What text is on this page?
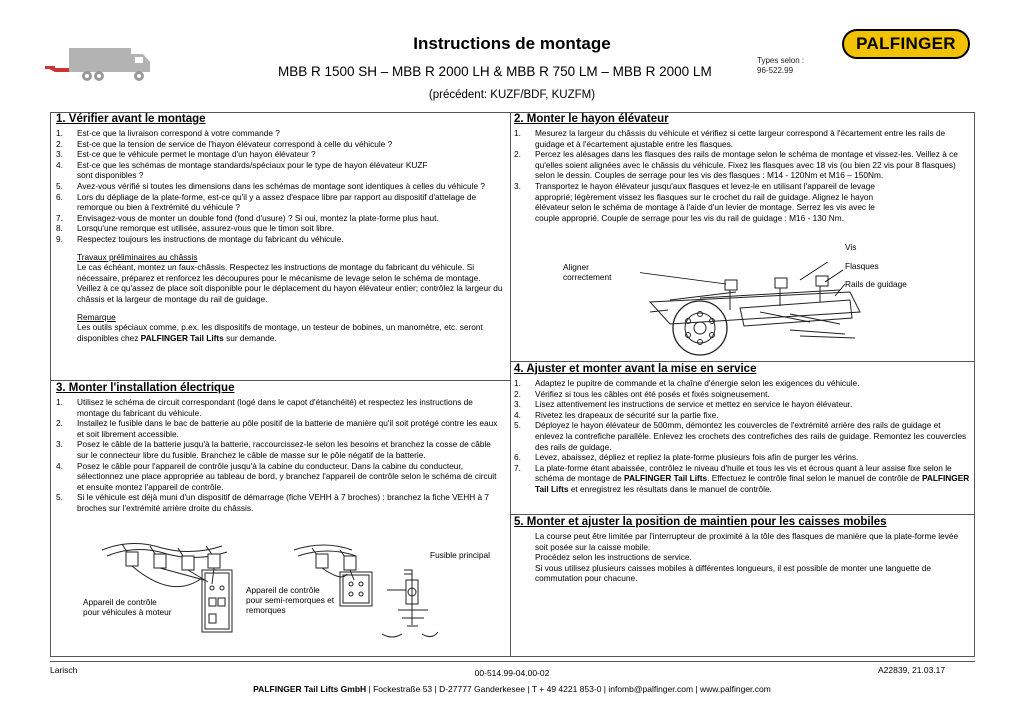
Instructions de montage
MBB R 1500 SH – MBB R 2000 LH & MBB R 750 LM – MBB R 2000 LM
Types selon :
96-522.99
(précédent: KUZF/BDF, KUZFM)
PALFINGER
1. Vérifier avant le montage
1.	Est-ce que la livraison correspond à votre commande ?
2.	Est-ce que la tension de service de l'hayon élévateur correspond à celle du véhicule ?
3.	Est-ce que le véhicule permet le montage d'un hayon élévateur ?
4.	Est-ce que les schémas de montage standards/spéciaux pour le type de hayon élévateur KUZF sont disponibles ?
5.	Avez-vous vérifié si toutes les dimensions dans les schémas de montage sont identiques à celles du véhicule ?
6.	Lors du dépliage de la plate-forme, est-ce qu'il y a assez d'espace libre par rapport au dispositif d'attelage de remorque ou bien à l'extrémité du véhicule ?
7.	Envisagez-vous de monter un double fond (fond d'usure) ? Si oui, montez la plate-forme plus haut.
8.	Lorsqu'une remorque est utilisée, assurez-vous que le timon soit libre.
9.	Respectez toujours les instructions de montage du fabricant du véhicule.

Travaux préliminaires au châssis

Le cas échéant, montez un faux-châssis. Respectez les instructions de montage du fabricant du véhicule. Si nécessaire, préparez et renforcez les découpures pour le mécanisme de levage selon le schéma de montage. Veillez à ce qu'assez de place soit disponible pour le déplacement du hayon élévateur entier; contrôlez la largeur du châssis et la largeur de montage du rail de guidage.

Remarque

Les outils spéciaux comme, p.ex. les dispositifs de montage, un testeur de bobines, un manomètre, etc. seront disponibles chez PALFINGER Tail Lifts sur demande.

2. Monter le hayon élévateur
1.	Mesurez la largeur du châssis du véhicule et vérifiez si cette largeur correspond à l'écartement entre les rails de guidage et à l'écartement ajustable entre les flasques.
2.	Percez les alésages dans les flasques des rails de montage selon le schéma de montage et vissez-les. Veillez à ce qu'elles soient alignées avec le châssis du véhicule. Fixez les flasques avec 18 vis (ou bien 22 vis pour 8 flasques) selon le dessin. Couples de serrage pour les vis des flasques : M14 - 120Nm et M16 – 150Nm.
3.	Transportez le hayon élévateur jusqu'aux flasques et levez-le en utilisant l'appareil de levage approprié; légèrement vissez les flasques sur le crochet du rail de guidage. Alignez le hayon élévateur selon le schéma de montage à l'aide d'un levier de montage. Serrez les vis avec le couple approprié. Couple de serrage pour les vis du rail de guidage : M16 - 130 Nm.
Aligner correctement
Vis
Flasques
Rails de guidage
3. Monter l'installation électrique
1.	Utilisez le schéma de circuit correspondant (logé dans le capot d'étanchéité) et respectez les instructions de montage du fabricant du véhicule.
2.	Installez le fusible dans le bac de batterie au pôle positif de la batterie de manière qu'il soit protégé contre les eaux et soit librement accessible.
3.	Posez le câble de la batterie jusqu'à la batterie, raccourcissez-le selon les besoins et branchez la cosse de câble sur le connecteur libre du fusible. Branchez le câble de masse sur le pôle négatif de la batterie.
4.	Posez le câble pour l'appareil de contrôle jusqu'à la cabine du conducteur. Dans la cabine du conducteur, sélectionnez une place appropriée au tableau de bord, y branchez l'appareil de contrôle selon le schéma de circuit et ensuite montez l'appareil de contrôle.
5.	Si le véhicule est déjà muni d'un dispositif de démarrage (fiche VEHH à 7 broches) : branchez la fiche VEHH à 7 broches sur l'extrémité arrière droite du châssis.
Appareil de contrôle pour véhicules à moteur
Appareil de contrôle pour semi-remorques et remorques
Fusible principal
4. Ajuster et monter avant la mise en service
1.	Adaptez le pupitre de commande et la chaîne d'énergie selon les exigences du véhicule.
2.	Vérifiez si tous les câbles ont été posés et fixés soigneusement.
3.	Lisez attentivement les instructions de service et mettez en service le hayon élévateur.
4.	Rivetez les drapeaux de sécurité sur la partie fixe.
5.	Déployez le hayon élévateur de 500mm, démontez les couvercles de l'extrémité arrière des rails de guidage et enlevez la contrefiche parallèle. Enlevez les crochets des contrefiches des rails de guidage. Remontez les couvercles des rails de guidage.
6.	Levez, abaissez, dépliez et repliez la plate-forme plusieurs fois afin de purger les vérins.
7.	La plate-forme étant abaissée, contrôlez le niveau d'huile et tous les vis et écrous quant à leur assise fixe selon le schéma de montage de PALFINGER Tail Lifts. Effectuez le contrôle final selon le manuel de contrôle de PALFINGER Tail Lifts et enregistrez les résultats dans le manuel de contrôle.
5. Monter et ajuster la position de maintien pour les caisses mobiles

La course peut être limitée par l'interrupteur de proximité à la tôle des flasques de manière que la plate-forme levée soit posée sur la caisse mobile.

Procédez selon les instructions de service.

Si vous utilisez plusieurs caisses mobiles à différentes longueurs, il est possible de monter une languette de commutation pour chacune.

Larisch	00-514.99-04.00-02	A22839, 21.03.17
PALFINGER Tail Lifts GmbH | Fockestraße 53 | D-27777 Ganderkesee | T + 49 4221 853-0 | infomb@palfinger.com | www.palfinger.com
